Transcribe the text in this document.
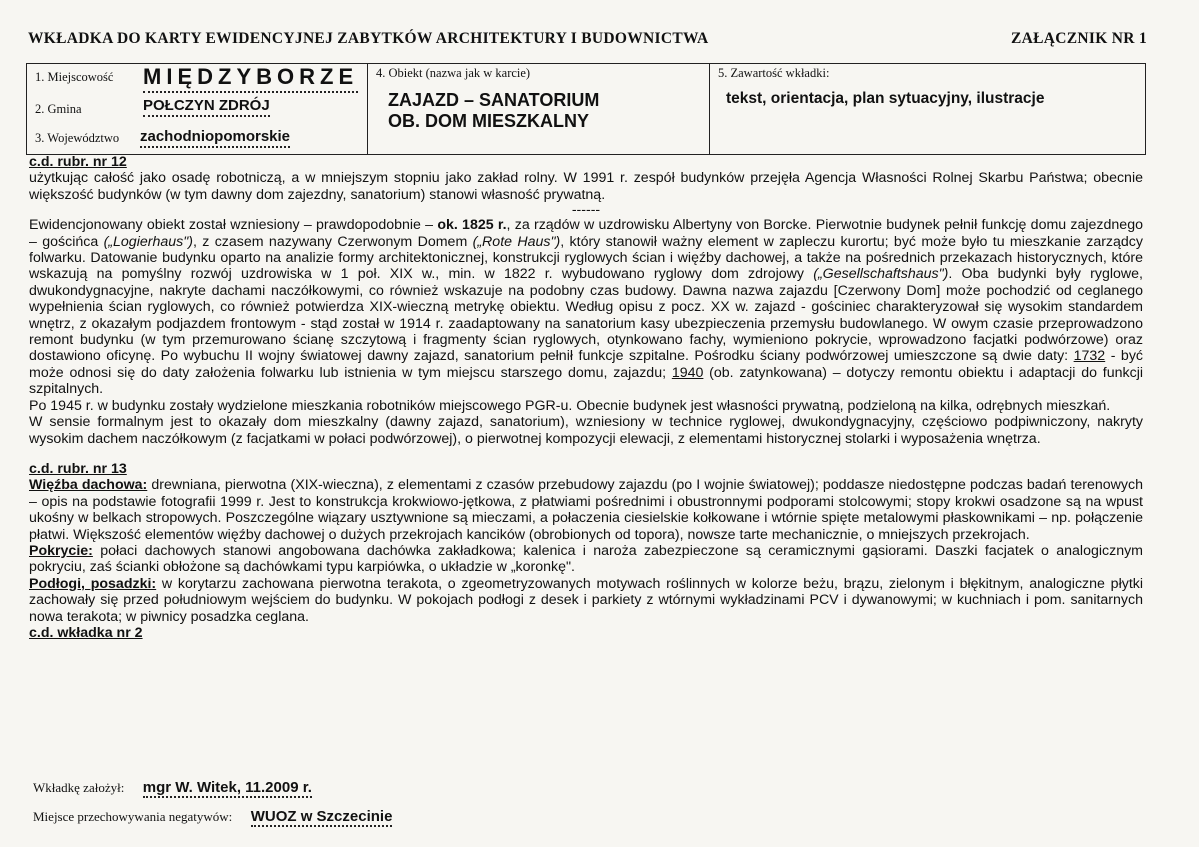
WKŁADKA DO KARTY EWIDENCYJNEJ ZABYTKÓW ARCHITEKTURY I BUDOWNICTWA	ZAŁĄCZNIK NR 1
1. Miejscowość MIĘDZYBORZE
2. Gmina	POŁCZYN ZDRÓJ
3. Województwo zachodniopomorskie
4. Obiekt (nazwa jak w karcie)
ZAJAZD – SANATORIUM
OB. DOM MIESZKALNY
5. Zawartość wkładki:
tekst, orientacja, plan sytuacyjny, ilustracje

c.d. rubr. nr 12

użytkując całość jako osadę robotniczą, a w mniejszym stopniu jako zakład rolny. W 1991 r. zespół budynków przejęła Agencja Własności Rolnej Skarbu Państwa; obecnie większość budynków (w tym dawny dom zajezdny, sanatorium) stanowi własność prywatną.

------

Ewidencjonowany obiekt został wzniesiony – prawdopodobnie – ok. 1825 r., za rządów w uzdrowisku Albertyny von Borcke. Pierwotnie budynek pełnił funkcję domu zajezdnego – gościńca („Logierhaus"), z czasem nazywany Czerwonym Domem („Rote Haus"), który stanowił ważny element w zapleczu kurortu; być może było tu mieszkanie zarządcy folwarku. Datowanie budynku oparto na analizie formy architektonicznej, konstrukcji ryglowych ścian i więźby dachowej, a także na pośrednich przekazach historycznych, które wskazują na pomyślny rozwój uzdrowiska w 1 poł. XIX w., min. w 1822 r. wybudowano ryglowy dom zdrojowy („Gesellschaftshaus"). Oba budynki były ryglowe, dwukondygnacyjne, nakryte dachami naczółkowymi, co również wskazuje na podobny czas budowy. Dawna nazwa zajazdu [Czerwony Dom] może pochodzić od ceglanego wypełnienia ścian ryglowych, co również potwierdza XIX-wieczną metrykę obiektu. Według opisu z pocz. XX w. zajazd - gościniec charakteryzował się wysokim standardem wnętrz, z okazałym podjazdem frontowym - stąd został w 1914 r. zaadaptowany na sanatorium kasy ubezpieczenia przemysłu budowlanego. W owym czasie przeprowadzono remont budynku (w tym przemurowano ścianę szczytową i fragmenty ścian ryglowych, otynkowano fachy, wymieniono pokrycie, wprowadzono facjatki podwórzowe) oraz dostawiono oficynę. Po wybuchu II wojny światowej dawny zajazd, sanatorium pełnił funkcje szpitalne. Pośrodku ściany podwórzowej umieszczone są dwie daty: 1732 - być może odnosi się do daty założenia folwarku lub istnienia w tym miejscu starszego domu, zajazdu; 1940 (ob. zatynkowana) – dotyczy remontu obiektu i adaptacji do funkcji szpitalnych.

Po 1945 r. w budynku zostały wydzielone mieszkania robotników miejscowego PGR-u. Obecnie budynek jest własności prywatną, podzieloną na kilka, odrębnych mieszkań.

W sensie formalnym jest to okazały dom mieszkalny (dawny zajazd, sanatorium), wzniesiony w technice ryglowej, dwukondygnacyjny, częściowo podpiwniczony, nakryty wysokim dachem naczółkowym (z facjatkami w połaci podwórzowej), o pierwotnej kompozycji elewacji, z elementami historycznej stolarki i wyposażenia wnętrza.

c.d. rubr. nr 13

Więźba dachowa: drewniana, pierwotna (XIX-wieczna), z elementami z czasów przebudowy zajazdu (po I wojnie światowej); poddasze niedostępne podczas badań terenowych – opis na podstawie fotografii 1999 r. Jest to konstrukcja krokwiowo-jętkowa, z płatwiami pośrednimi i obustronnymi podporami stolcowymi; stopy krokwi osadzone są na wpust ukośny w belkach stropowych. Poszczególne wiązary usztywnione są mieczami, a połaczenia ciesielskie kołkowane i wtórnie spięte metalowymi płaskownikami – np. połączenie płatwi. Większość elementów więźby dachowej o dużych przekrojach kancików (obrobionych od topora), nowsze tarte mechanicznie, o mniejszych przekrojach.

Pokrycie: połaci dachowych stanowi angobowana dachówka zakładkowa; kalenica i naroża zabezpieczone są ceramicznymi gąsiorami. Daszki facjatek o analogicznym pokryciu, zaś ścianki obłożone są dachówkami typu karpiówka, o układzie w „koronkę".

Podłogi, posadzki: w korytarzu zachowana pierwotna terakota, o zgeometryzowanych motywach roślinnych w kolorze beżu, brązu, zielonym i błękitnym, analogiczne płytki zachowały się przed południowym wejściem do budynku. W pokojach podłogi z desek i parkiety z wtórnymi wykładzinami PCV i dywanowymi; w kuchniach i pom. sanitarnych nowa terakota; w piwnicy posadzka ceglana.

c.d. wkładka nr 2

Wkładkę założył: mgr W. Witek, 11.2009 r.
Miejsce przechowywania negatywów: WUOZ w Szczecinie
